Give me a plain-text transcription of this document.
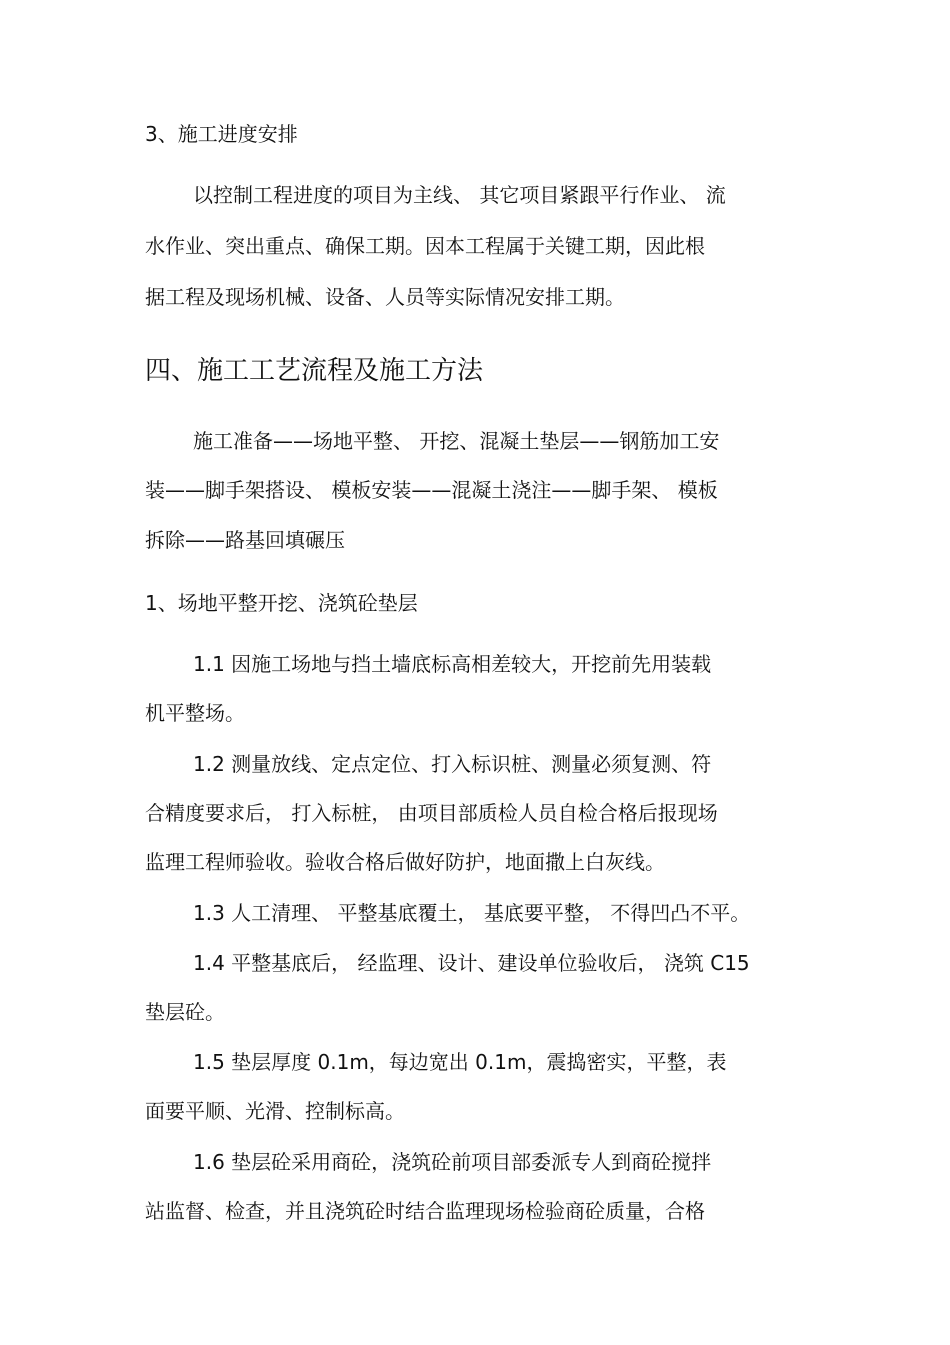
3、施工进度安排
以控制工程进度的项目为主线、 其它项目紧跟平行作业、 流
水作业、突出重点、确保工期。因本工程属于关键工期，因此根
据工程及现场机械、设备、人员等实际情况安排工期。
四、施工工艺流程及施工方法
施工准备——场地平整、 开挖、混凝土垫层——钢筋加工安
装——脚手架搭设、 模板安装——混凝土浇注——脚手架、 模板
拆除——路基回填碾压
1、场地平整开挖、浇筑砼垫层
1.1 因施工场地与挡土墙底标高相差较大，开挖前先用装载
机平整场。
1.2 测量放线、定点定位、打入标识桩、测量必须复测、符
合精度要求后， 打入标桩， 由项目部质检人员自检合格后报现场
监理工程师验收。验收合格后做好防护，地面撒上白灰线。
1.3 人工清理、 平整基底覆土， 基底要平整， 不得凹凸不平。
1.4 平整基底后， 经监理、设计、建设单位验收后， 浇筑 C15
垫层砼。
1.5 垫层厚度 0.1m，每边宽出 0.1m，震捣密实，平整，表
面要平顺、光滑、控制标高。
1.6 垫层砼采用商砼，浇筑砼前项目部委派专人到商砼搅拌
站监督、检查，并且浇筑砼时结合监理现场检验商砼质量，合格
